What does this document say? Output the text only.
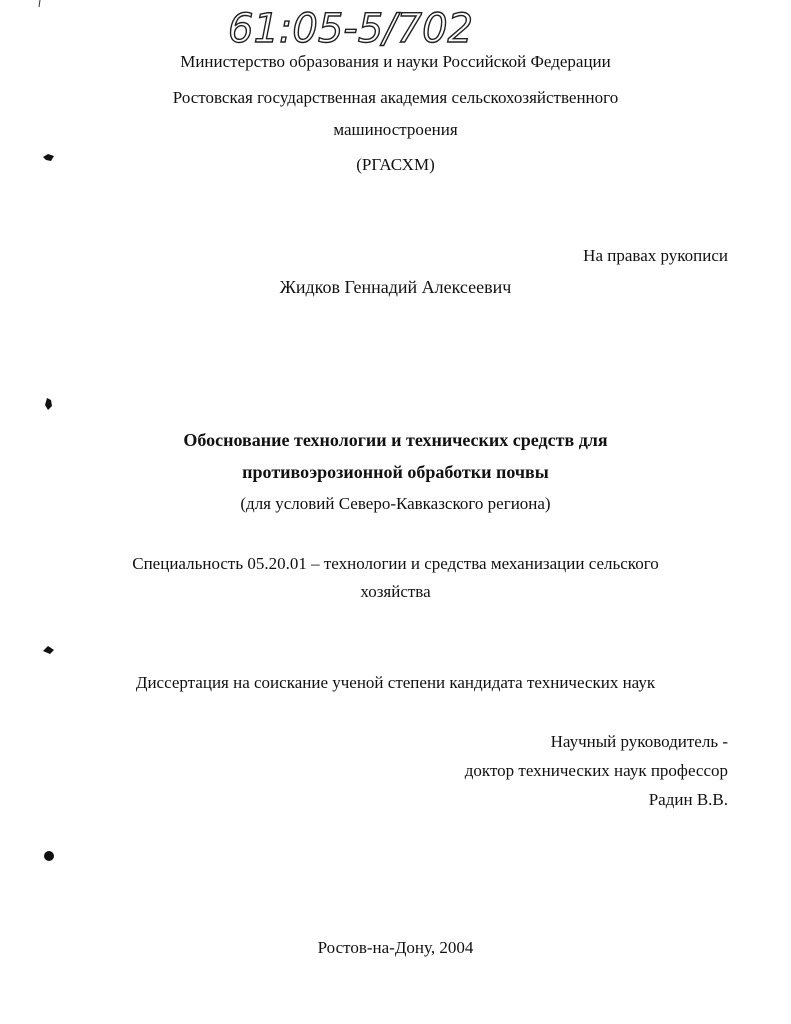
61:05-5/702
Министерство образования и науки Российской Федерации
Ростовская государственная академия сельскохозяйственного
машиностроения
(РГАСХМ)
На правах рукописи
Жидков Геннадий Алексеевич
Обоснование технологии и технических средств для
противоэрозионной обработки почвы
(для условий Северо-Кавказского региона)
Специальность 05.20.01 – технологии и средства механизации сельского
хозяйства
Диссертация на соискание ученой степени кандидата технических наук
Научный руководитель -
доктор технических наук профессор
Радин В.В.
Ростов-на-Дону, 2004
